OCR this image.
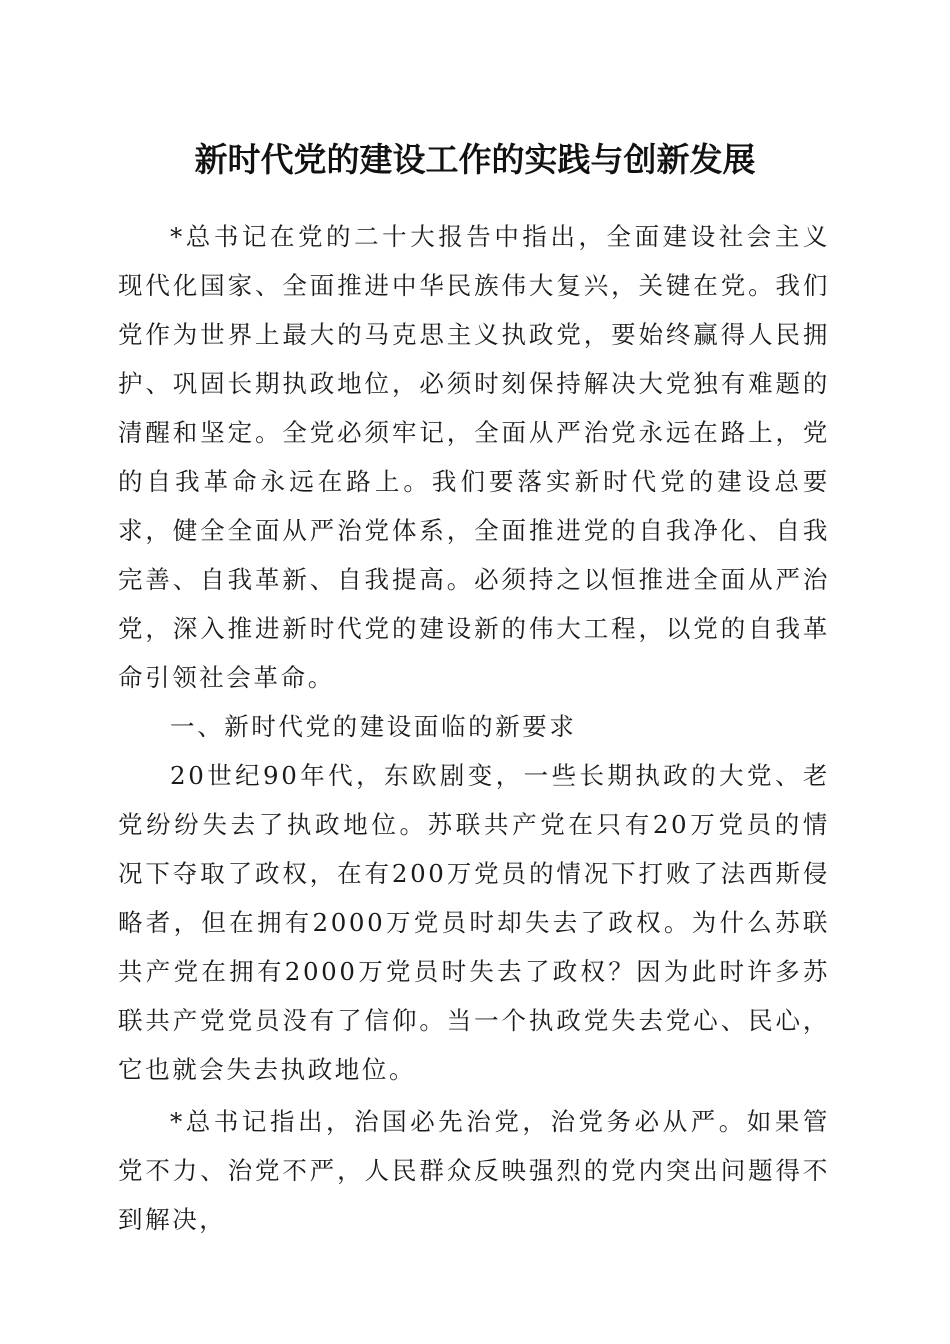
新时代党的建设工作的实践与创新发展

*总书记在党的二十大报告中指出，全面建设社会主义现代化国家、全面推进中华民族伟大复兴，关键在党。我们党作为世界上最大的马克思主义执政党，要始终赢得人民拥护、巩固长期执政地位，必须时刻保持解决大党独有难题的清醒和坚定。全党必须牢记，全面从严治党永远在路上，党的自我革命永远在路上。我们要落实新时代党的建设总要求，健全全面从严治党体系，全面推进党的自我净化、自我完善、自我革新、自我提高。必须持之以恒推进全面从严治党，深入推进新时代党的建设新的伟大工程，以党的自我革命引领社会革命。

一、新时代党的建设面临的新要求

20世纪90年代，东欧剧变，一些长期执政的大党、老党纷纷失去了执政地位。苏联共产党在只有20万党员的情况下夺取了政权，在有200万党员的情况下打败了法西斯侵略者，但在拥有2000万党员时却失去了政权。为什么苏联共产党在拥有2000万党员时失去了政权？因为此时许多苏联共产党党员没有了信仰。当一个执政党失去党心、民心，它也就会失去执政地位。

*总书记指出，治国必先治党，治党务必从严。如果管党不力、治党不严，人民群众反映强烈的党内突出问题得不到解决，
